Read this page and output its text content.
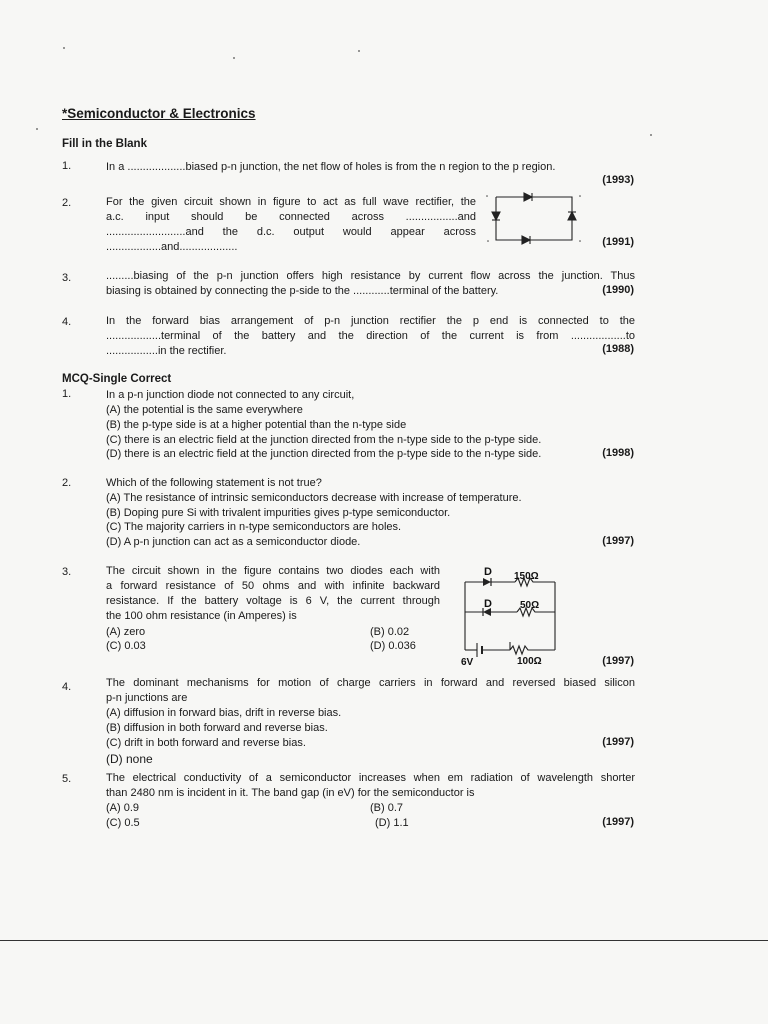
*Semiconductor & Electronics
Fill in the Blank
1.	In a ...................biased p-n junction, the net flow of holes is from the n region to the p region.
(1993)
2.	For the given circuit shown in figure to act as full wave rectifier, the
a.c. input should be connected across .................and
..........................and the d.c. output would appear across
..................and...................	(1991)
3.	.........biasing of the p-n junction offers high resistance by current flow across the junction. Thus
biasing is obtained by connecting the p-side to the ............terminal of the battery.	(1990)
4.	In the forward bias arrangement of p-n junction rectifier the p end is connected to the
..................terminal of the battery and the direction of the current is from ..................to
.................in the rectifier.	(1988)
MCQ-Single Correct
1.	In a p-n junction diode not connected to any circuit,
(A) the potential is the same everywhere
(B) the p-type side is at a higher potential than the n-type side
(C) there is an electric field at the junction directed from the n-type side to the p-type side.
(D) there is an electric field at the junction directed from the p-type side to the n-type side.	(1998)
2.	Which of the following statement is not true?
(A) The resistance of intrinsic semiconductors decrease with increase of temperature.
(B) Doping pure Si with trivalent impurities gives p-type semiconductor.
(C) The majority carriers in n-type semiconductors are holes.
(D) A p-n junction can act as a semiconductor diode.	(1997)
3.	The circuit shown in the figure contains two diodes each with
a forward resistance of 50 ohms and with infinite backward
resistance. If the battery voltage is 6 V, the current through
the 100 ohm resistance (in Amperes) is
(A) zero	(B) 0.02
(C) 0.03	(D) 0.036
(1997)
D 150Ω
D	50Ω
6V	100Ω
4.	The dominant mechanisms for motion of charge carriers in forward and reversed biased silicon
p-n junctions are
(A) diffusion in forward bias, drift in reverse bias.
(B) diffusion in both forward and reverse bias.
(C) drift in both forward and reverse bias.
(D) none
(1997)
5.	The electrical conductivity of a semiconductor increases when em radiation of wavelength shorter
than 2480 nm is incident in it. The band gap (in eV) for the semiconductor is
(A) 0.9	(B) 0.7
(C) 0.5	(D) 1.1	(1997)
